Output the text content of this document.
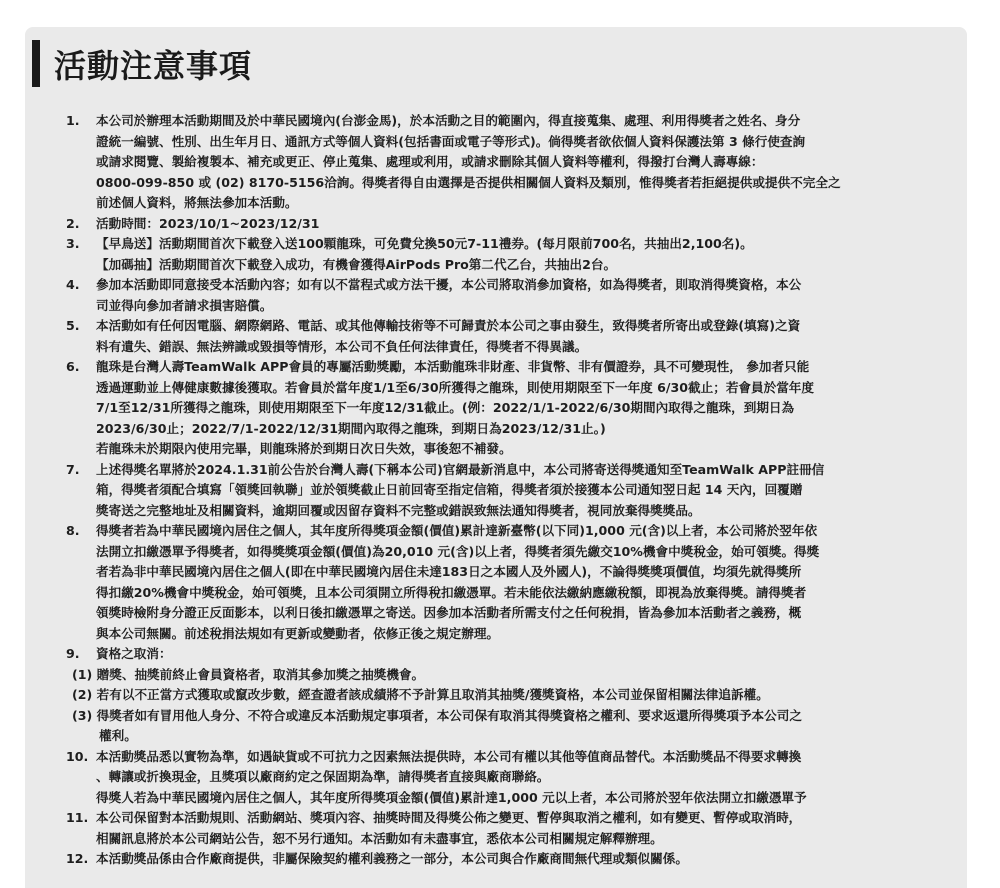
活動注意事項
1.	本公司於辦理本活動期間及於中華民國境內(台澎金馬)，於本活動之目的範圍內，得直接蒐集、處理、利用得獎者之姓名、身分
證統一編號、性別、出生年月日、通訊方式等個人資料(包括書面或電子等形式)。倘得獎者欲依個人資料保護法第 3 條行使查詢
或請求閱覽、製給複製本、補充或更正、停止蒐集、處理或利用，或請求刪除其個人資料等權利，得撥打台灣人壽專線：
0800-099-850 或 (02) 8170-5156洽詢。得獎者得自由選擇是否提供相關個人資料及類別，惟得獎者若拒絕提供或提供不完全之
前述個人資料，將無法參加本活動。
2.	活動時間：2023/10/1~2023/12/31
3.	【早鳥送】活動期間首次下載登入送100顆龍珠，可免費兌換50元7-11禮券。(每月限前700名，共抽出2,100名)。
【加碼抽】活動期間首次下載登入成功，有機會獲得AirPods Pro第二代乙台，共抽出2台。
4.	參加本活動即同意接受本活動內容；如有以不當程式或方法干擾，本公司將取消參加資格，如為得獎者，則取消得獎資格，本公
司並得向參加者請求損害賠償。
5.	本活動如有任何因電腦、網際網路、電話、或其他傳輸技術等不可歸責於本公司之事由發生，致得獎者所寄出或登錄(填寫)之資
料有遺失、錯誤、無法辨識或毀損等情形，本公司不負任何法律責任，得獎者不得異議。
6.	龍珠是台灣人壽TeamWalk APP會員的專屬活動獎勵，本活動龍珠非財產、非貨幣、非有價證券，具不可變現性， 參加者只能
透過運動並上傳健康數據後獲取。若會員於當年度1/1至6/30所獲得之龍珠，則使用期限至下一年度 6/30截止；若會員於當年度
7/1至12/31所獲得之龍珠，則使用期限至下一年度12/31截止。(例：2022/1/1-2022/6/30期間內取得之龍珠，到期日為
2023/6/30止；2022/7/1-2022/12/31期間內取得之龍珠，到期日為2023/12/31止。)
若龍珠未於期限內使用完畢，則龍珠將於到期日次日失效，事後恕不補發。
7.	上述得獎名單將於2024.1.31前公告於台灣人壽(下稱本公司)官網最新消息中，本公司將寄送得獎通知至TeamWalk APP註冊信
箱，得獎者須配合填寫「領獎回執聯」並於領獎截止日前回寄至指定信箱，得獎者須於接獲本公司通知翌日起 14 天內，回覆贈
獎寄送之完整地址及相關資料，逾期回覆或因留存資料不完整或錯誤致無法通知得獎者，視同放棄得獎獎品。
8.	得獎者若為中華民國境內居住之個人，其年度所得獎項金額(價值)累計達新臺幣(以下同)1,000 元(含)以上者，本公司將於翌年依
法開立扣繳憑單予得獎者，如得獎獎項金額(價值)為20,010 元(含)以上者，得獎者須先繳交10%機會中獎稅金，始可領獎。得獎
者若為非中華民國境內居住之個人(即在中華民國境內居住未達183日之本國人及外國人)，不論得獎獎項價值，均須先就得獎所
得扣繳20%機會中獎稅金，始可領獎，且本公司須開立所得稅扣繳憑單。若未能依法繳納應繳稅額，即視為放棄得獎。請得獎者
領獎時檢附身分證正反面影本，以利日後扣繳憑單之寄送。因參加本活動者所需支付之任何稅捐，皆為參加本活動者之義務，概
與本公司無關。前述稅捐法規如有更新或變動者，依修正後之規定辦理。
9.	資格之取消：
(1) 贈獎、抽獎前終止會員資格者，取消其參加獎之抽獎機會。
(2) 若有以不正當方式獲取或竄改步數，經查證者該成績將不予計算且取消其抽獎/獲獎資格，本公司並保留相關法律追訴權。
(3) 得獎者如有冒用他人身分、不符合或違反本活動規定事項者，本公司保有取消其得獎資格之權利、要求返還所得獎項予本公司之
權利。
10. 本活動獎品悉以實物為準，如遇缺貨或不可抗力之因素無法提供時，本公司有權以其他等值商品替代。本活動獎品不得要求轉換
、轉讓或折換現金，且獎項以廠商約定之保固期為準，請得獎者直接與廠商聯絡。
得獎人若為中華民國境內居住之個人，其年度所得獎項金額(價值)累計達1,000 元以上者，本公司將於翌年依法開立扣繳憑單予
11. 本公司保留對本活動規則、活動網站、獎項內容、抽獎時間及得獎公佈之變更、暫停與取消之權利，如有變更、暫停或取消時，
相關訊息將於本公司網站公告，恕不另行通知。本活動如有未盡事宜，悉依本公司相關規定解釋辦理。
12. 本活動獎品係由合作廠商提供，非屬保險契約權利義務之一部分，本公司與合作廠商間無代理或類似關係。
